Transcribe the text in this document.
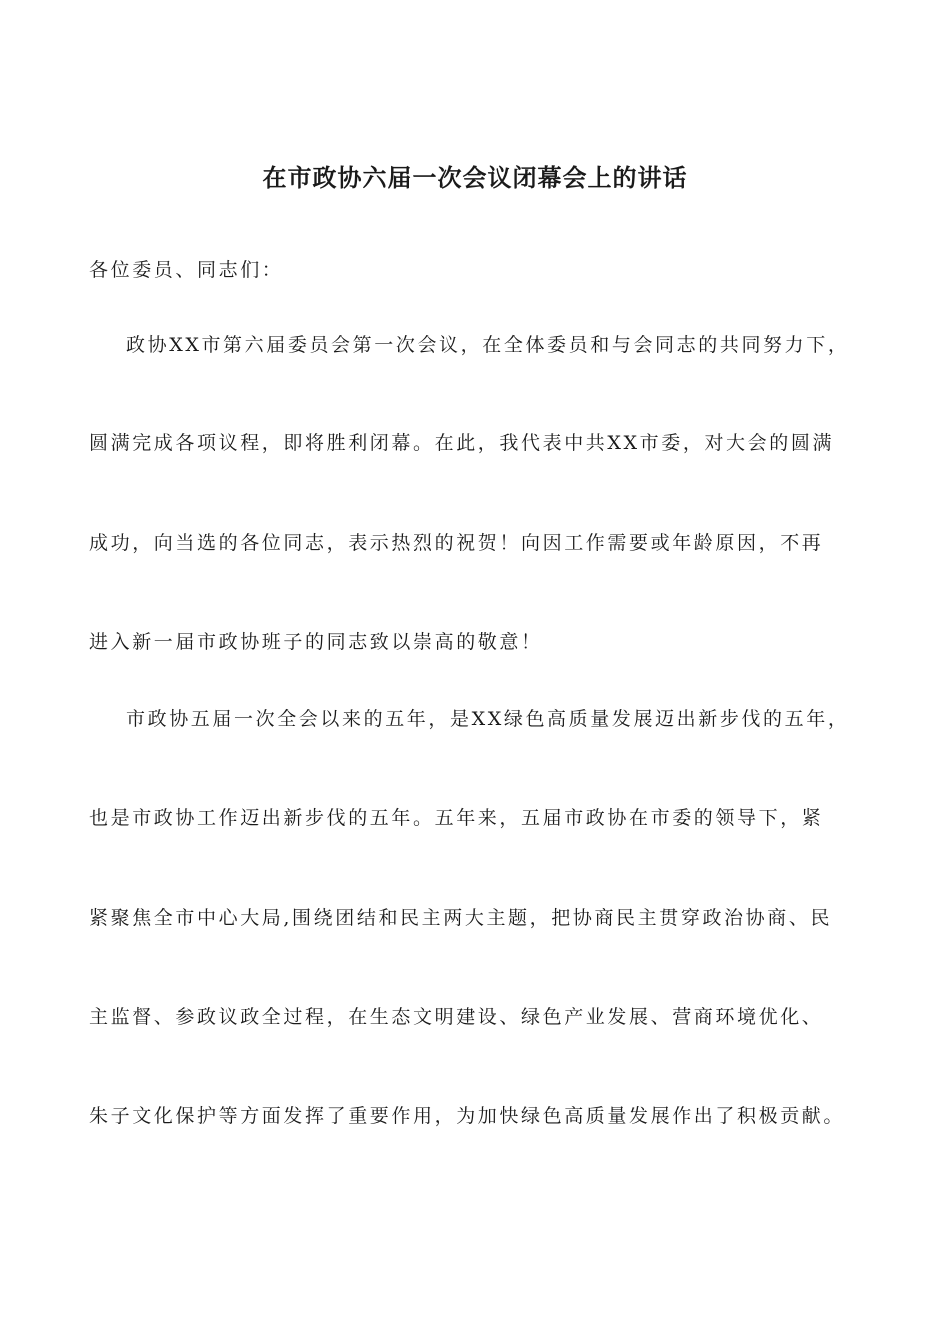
在市政协六届一次会议闭幕会上的讲话

各位委员、同志们：

政协XX市第六届委员会第一次会议，在全体委员和与会同志的共同努力下，

圆满完成各项议程，即将胜利闭幕。在此，我代表中共XX市委，对大会的圆满

成功，向当选的各位同志，表示热烈的祝贺！向因工作需要或年龄原因，不再

进入新一届市政协班子的同志致以崇高的敬意！

市政协五届一次全会以来的五年，是XX绿色高质量发展迈出新步伐的五年，

也是市政协工作迈出新步伐的五年。五年来，五届市政协在市委的领导下，紧

紧聚焦全市中心大局,围绕团结和民主两大主题，把协商民主贯穿政治协商、民

主监督、参政议政全过程，在生态文明建设、绿色产业发展、营商环境优化、

朱子文化保护等方面发挥了重要作用，为加快绿色高质量发展作出了积极贡献。
